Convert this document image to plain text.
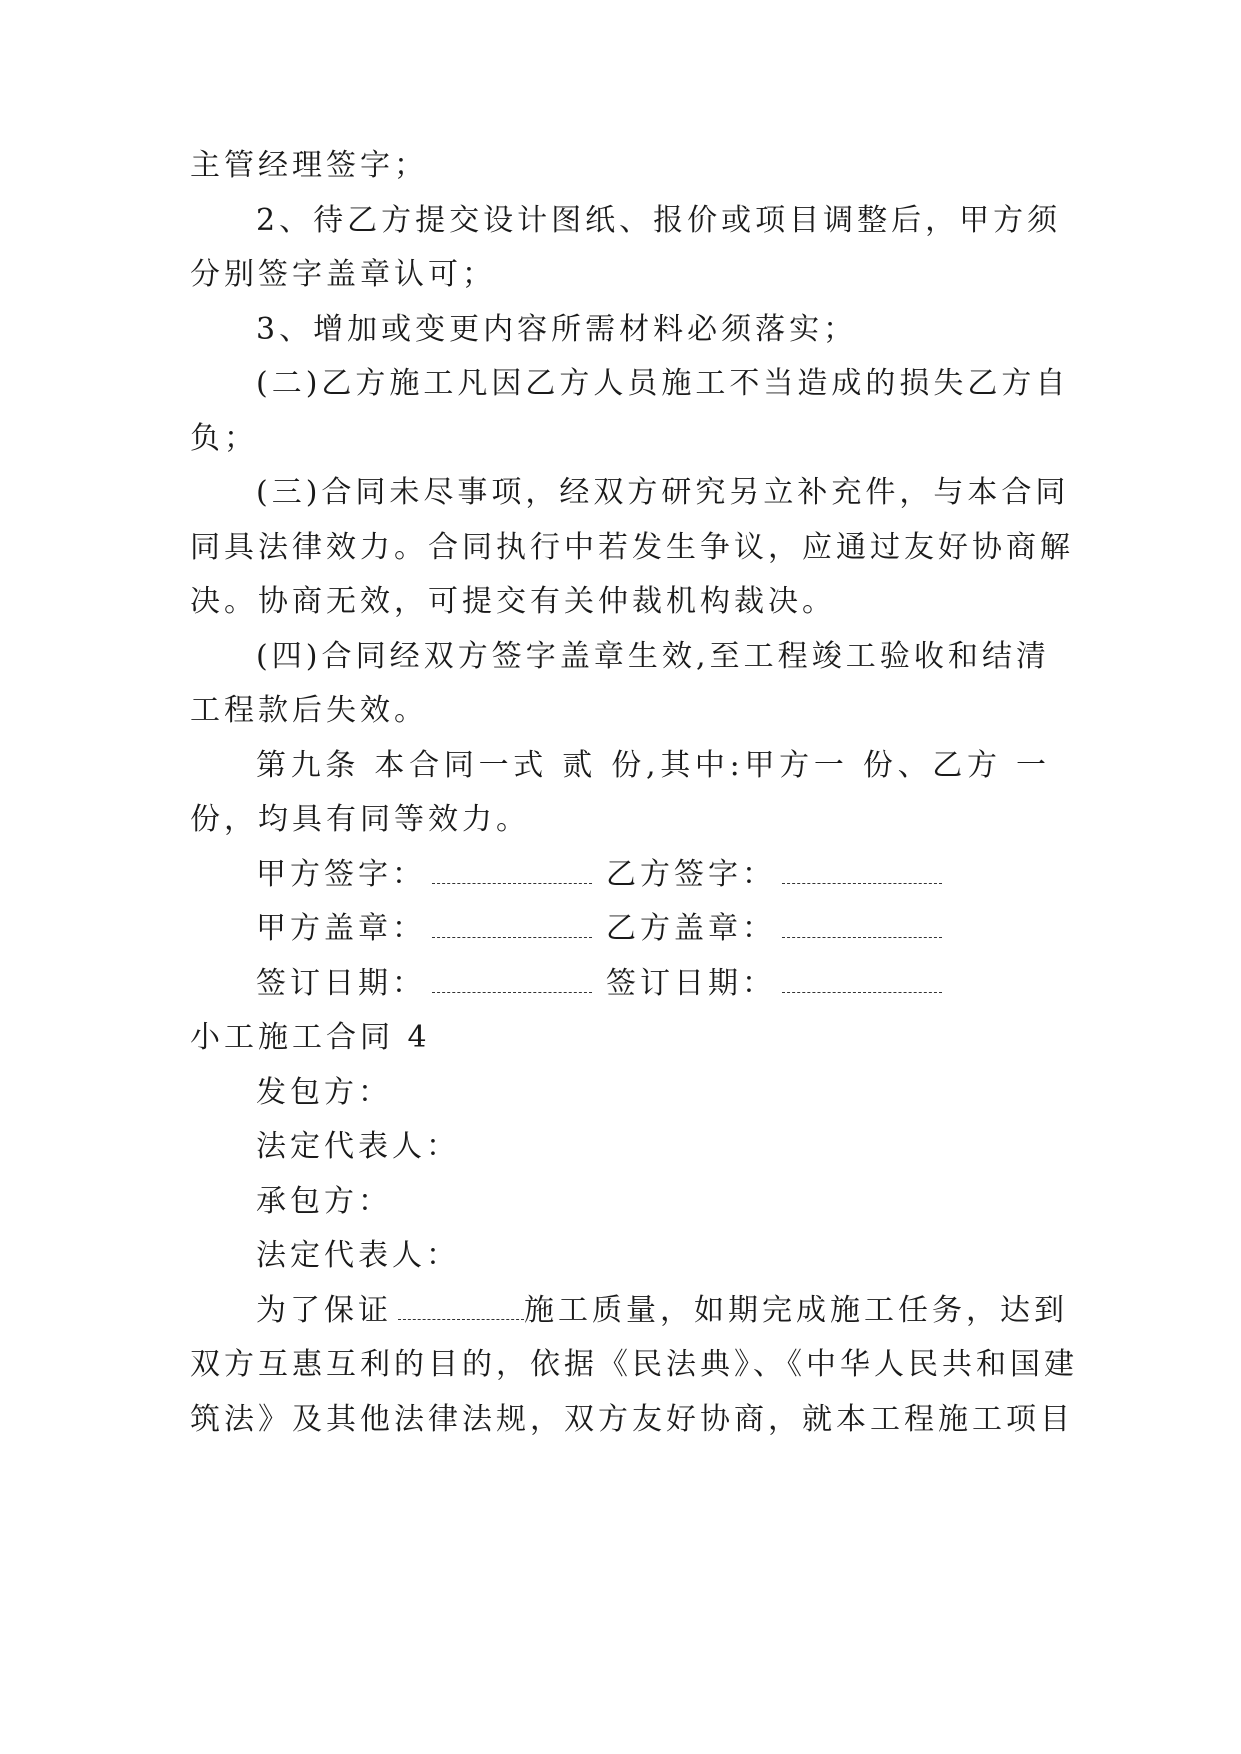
主管经理签字；
2、待乙方提交设计图纸、报价或项目调整后，甲方须
分别签字盖章认可；
3、增加或变更内容所需材料必须落实；
(二)乙方施工凡因乙方人员施工不当造成的损失乙方自
负；
(三)合同未尽事项，经双方研究另立补充件，与本合同
同具法律效力。合同执行中若发生争议，应通过友好协商解
决。协商无效，可提交有关仲裁机构裁决。
(四)合同经双方签字盖章生效,至工程竣工验收和结清
工程款后失效。
第九条 本合同一式 贰 份,其中:甲方一 份、乙方 一
份，均具有同等效力。
甲方签字：	乙方签字：
甲方盖章：	乙方盖章：
签订日期：	签订日期：
小工施工合同 4
发包方：
法定代表人：
承包方：
法定代表人：
为了保证	施工质量，如期完成施工任务，达到
双方互惠互利的目的，依据《民法典》、《中华人民共和国建
筑法》及其他法律法规，双方友好协商，就本工程施工项目
